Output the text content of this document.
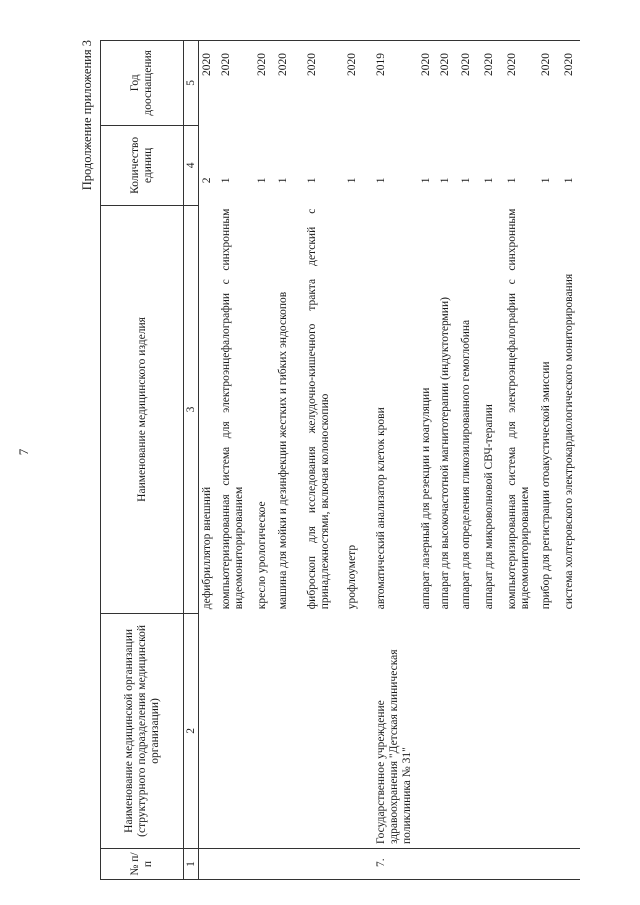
7
Продолжение приложения 3
№ п/п	Наименование медицинской организации (структурного подразделения медицинской организации)	Наименование медицинского изделия	Количество единиц	Год дооснащения
1	2	3	4	5
		дефибриллятор внешний	2	2020
		компьютеризированная система для электроэнцефалографии с синхронным видеомониторированием	1	2020
		кресло урологическое	1	2020
		машина для мойки и дезинфекции жестких и гибких эндоскопов	1	2020
		фиброскоп для исследования желудочно-кишечного тракта детский с принадлежностями, включая колоноскопию	1	2020
		урофлоуметр	1	2020
7.	Государственное учреждение здравоохранения "Детская клиническая поликлиника № 31"	автоматический анализатор клеток крови	1	2019
		аппарат лазерный для резекции и коагуляции	1	2020
		аппарат для высокочастотной магнитотерапии (индуктотермии)	1	2020
		аппарат для определения гликозилированного гемоглобина	1	2020
		аппарат для микроволновой СВЧ-терапии	1	2020
		компьютеризированная система для электроэнцефалографии с синхронным видеомониторированием	1	2020
		прибор для регистрации отоакустической эмиссии	1	2020
		система холтеровского электрокардиологического мониторирования	1	2020
